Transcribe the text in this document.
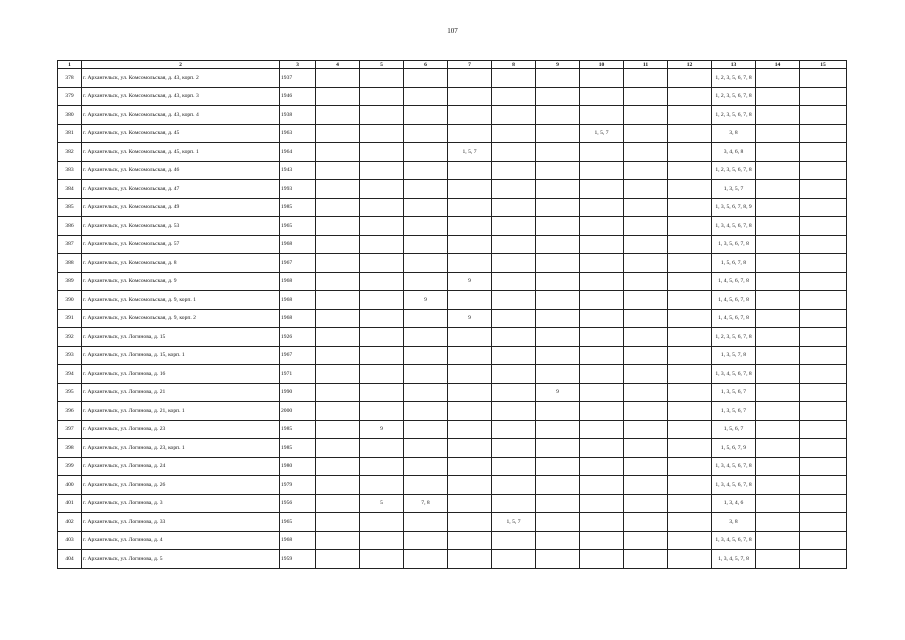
107
1	2	3	4	5	6	7	8	9	10	11	12	13	14	15
378	г. Архангельск, ул. Комсомольская, д. 43, корп. 2	1937										1, 2, 3, 5, 6, 7, 8		
379	г. Архангельск, ул. Комсомольская, д. 43, корп. 3	1946										1, 2, 3, 5, 6, 7, 8		
380	г. Архангельск, ул. Комсомольская, д. 43, корп. 4	1938										1, 2, 3, 5, 6, 7, 8		
381	г. Архангельск, ул. Комсомольская, д. 45	1963							1, 5, 7			3, 8		
382	г. Архангельск, ул. Комсомольская, д. 45, корп. 1	1964				1, 5, 7						3, 4, 6, 8		
383	г. Архангельск, ул. Комсомольская, д. 46	1943										1, 2, 3, 5, 6, 7, 8		
384	г. Архангельск, ул. Комсомольская, д. 47	1993										1, 3, 5, 7		
385	г. Архангельск, ул. Комсомольская, д. 49	1985										1, 3, 5, 6, 7, 8, 9		
386	г. Архангельск, ул. Комсомольская, д. 53	1965										1, 3, 4, 5, 6, 7, 8		
387	г. Архангельск, ул. Комсомольская, д. 57	1968										1, 3, 5, 6, 7, 8		
388	г. Архангельск, ул. Комсомольская, д. 8	1967										1, 5, 6, 7, 8		
389	г. Архангельск, ул. Комсомольская, д. 9	1968				9						1, 4, 5, 6, 7, 8		
390	г. Архангельск, ул. Комсомольская, д. 9, корп. 1	1968			9							1, 4, 5, 6, 7, 8		
391	г. Архангельск, ул. Комсомольская, д. 9, корп. 2	1968				9						1, 4, 5, 6, 7, 8		
392	г. Архангельск, ул. Логинова, д. 15	1926										1, 2, 3, 5, 6, 7, 8		
393	г. Архангельск, ул. Логинова, д. 15, корп. 1	1967										1, 3, 5, 7, 8		
394	г. Архангельск, ул. Логинова, д. 16	1971										1, 3, 4, 5, 6, 7, 8		
395	г. Архангельск, ул. Логинова, д. 21	1990						9				1, 3, 5, 6, 7		
396	г. Архангельск, ул. Логинова, д. 21, корп. 1	2000										1, 3, 5, 6, 7		
397	г. Архангельск, ул. Логинова, д. 23	1985		9								1, 5, 6, 7		
398	г. Архангельск, ул. Логинова, д. 23, корп. 1	1985										1, 5, 6, 7, 9		
399	г. Архангельск, ул. Логинова, д. 24	1980										1, 3, 4, 5, 6, 7, 8		
400	г. Архангельск, ул. Логинова, д. 26	1979										1, 3, 4, 5, 6, 7, 8		
401	г. Архангельск, ул. Логинова, д. 3	1956		5	7, 8							1, 3, 4, 6		
402	г. Архангельск, ул. Логинова, д. 33	1965					1, 5, 7					3, 8		
403	г. Архангельск, ул. Логинова, д. 4	1968										1, 3, 4, 5, 6, 7, 8		
404	г. Архангельск, ул. Логинова, д. 5	1959										1, 3, 4, 5, 7, 8		
